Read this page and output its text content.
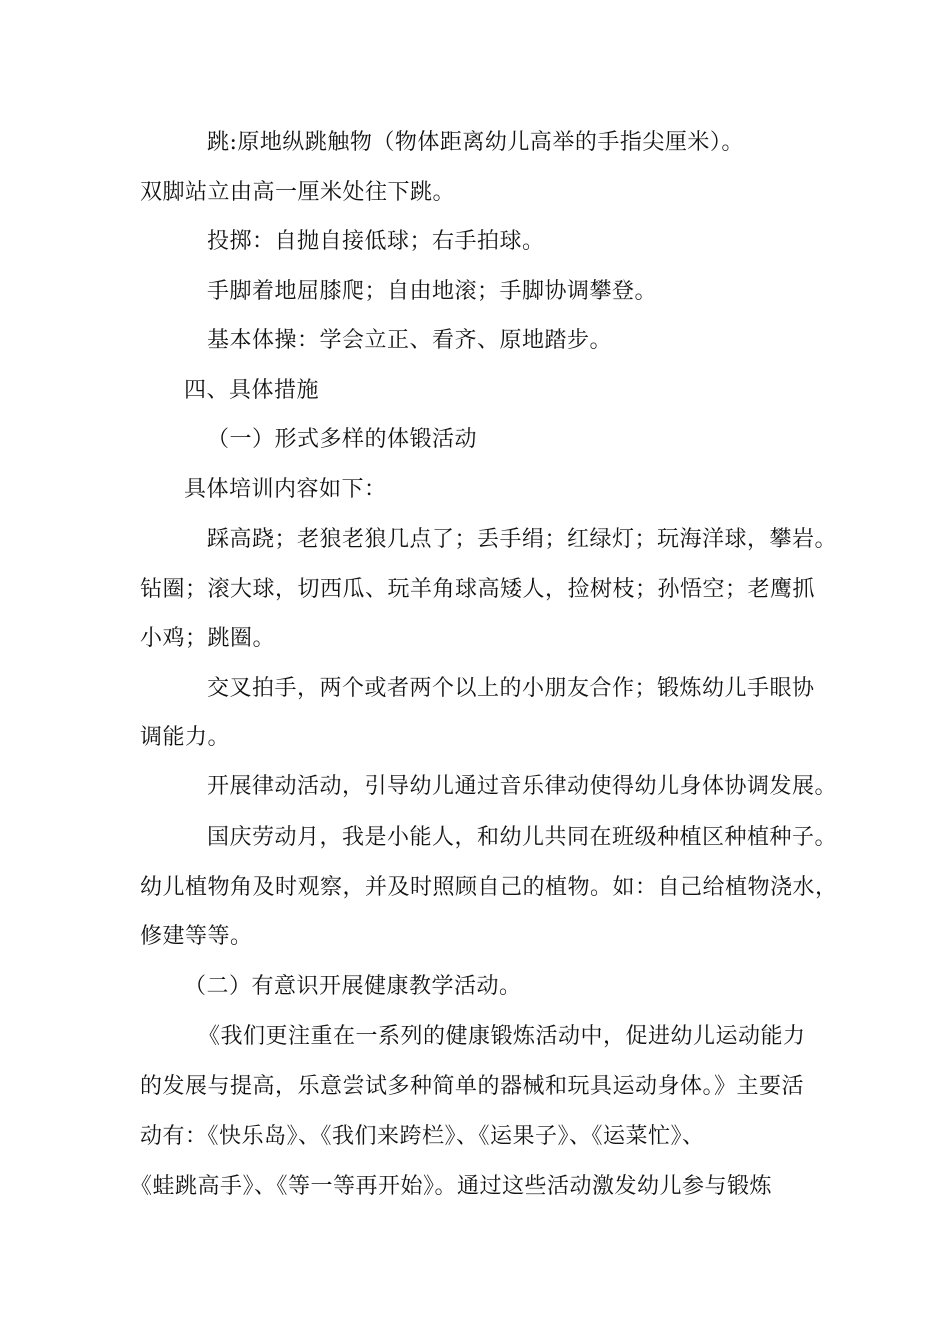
跳:原地纵跳触物（物体距离幼儿高举的手指尖厘米）。
双脚站立由高一厘米处往下跳。
投掷：自抛自接低球；右手拍球。
手脚着地屈膝爬；自由地滚；手脚协调攀登。
基本体操：学会立正、看齐、原地踏步。
四、具体措施
（一）形式多样的体锻活动
具体培训内容如下：
踩高跷；老狼老狼几点了；丢手绢；红绿灯；玩海洋球，攀岩。
钻圈；滚大球，切西瓜、玩羊角球高矮人，捡树枝；孙悟空；老鹰抓
小鸡；跳圈。
交叉拍手，两个或者两个以上的小朋友合作；锻炼幼儿手眼协
调能力。
开展律动活动，引导幼儿通过音乐律动使得幼儿身体协调发展。
国庆劳动月，我是小能人，和幼儿共同在班级种植区种植种子。
幼儿植物角及时观察，并及时照顾自己的植物。如：自己给植物浇水，
修建等等。
（二）有意识开展健康教学活动。
《我们更注重在一系列的健康锻炼活动中，促进幼儿运动能力
的发展与提高，乐意尝试多种简单的器械和玩具运动身体。》主要活
动有：《快乐岛》、《我们来跨栏》、《运果子》、《运菜忙》、
《蛙跳高手》、《等一等再开始》。通过这些活动激发幼儿参与锻炼
